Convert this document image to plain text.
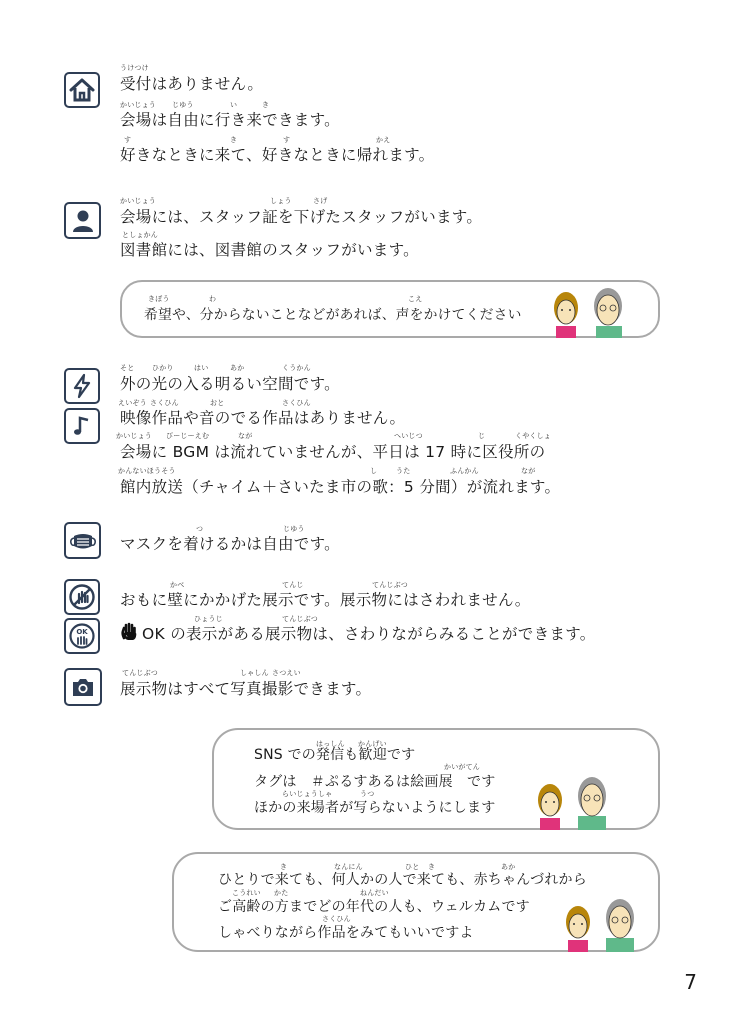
うけつけ
受付はありません。
かいじょう じゆう	い	き
会場は自由に行き来できます。
す	き	す	かえ
好きなときに来て、好きなときに帰れます。
かいじょう	しょう	さげ
会場には、スタッフ証を下げたスタッフがいます。
としょかん
図書館には、図書館のスタッフがいます。
きぼう	わ	こえ
希望や、分からないことなどがあれば、声をかけてください
そと	ひかり	はい	あか	くうかん
外の光の入る明るい空間です。
えいぞう さくひん	おと	さくひん
映像作品や音のでる作品はありません。
かいじょう びーじーえむ	なが	へいじつ	じ	くやくしょ
会場に BGM は流れていませんが、平日は 17 時に区役所の
かんないほうそう	し	うた	ふんかん	なが
館内放送（チャイム＋さいたま市の歌：5 分間）が流れます。
つ	じゆう
マスクを着けるかは自由です。
OK
かべ	てんじ	てんじぶつ
おもに壁にかかげた展示です。展示物にはさわれません。
ひょうじ	てんじぶつ
OK の表示がある展示物は、さわりながらみることができます。
てんじぶつ	しゃしん さつえい
展示物はすべて写真撮影できます。
はっしん かんげい
SNS での発信も歓迎です
かいがてん
タグは　＃ぷるすあるは絵画展　です
らいじょうしゃ	うつ
ほかの来場者が写らないようにします
き	なんにん	ひと き	あか
ひとりで来ても、何人かの人で来ても、赤ちゃんづれから
こうれい かた	ねんだい
ご高齢の方までどの年代の人も、ウェルカムです
さくひん
しゃべりながら作品をみてもいいですよ
7
